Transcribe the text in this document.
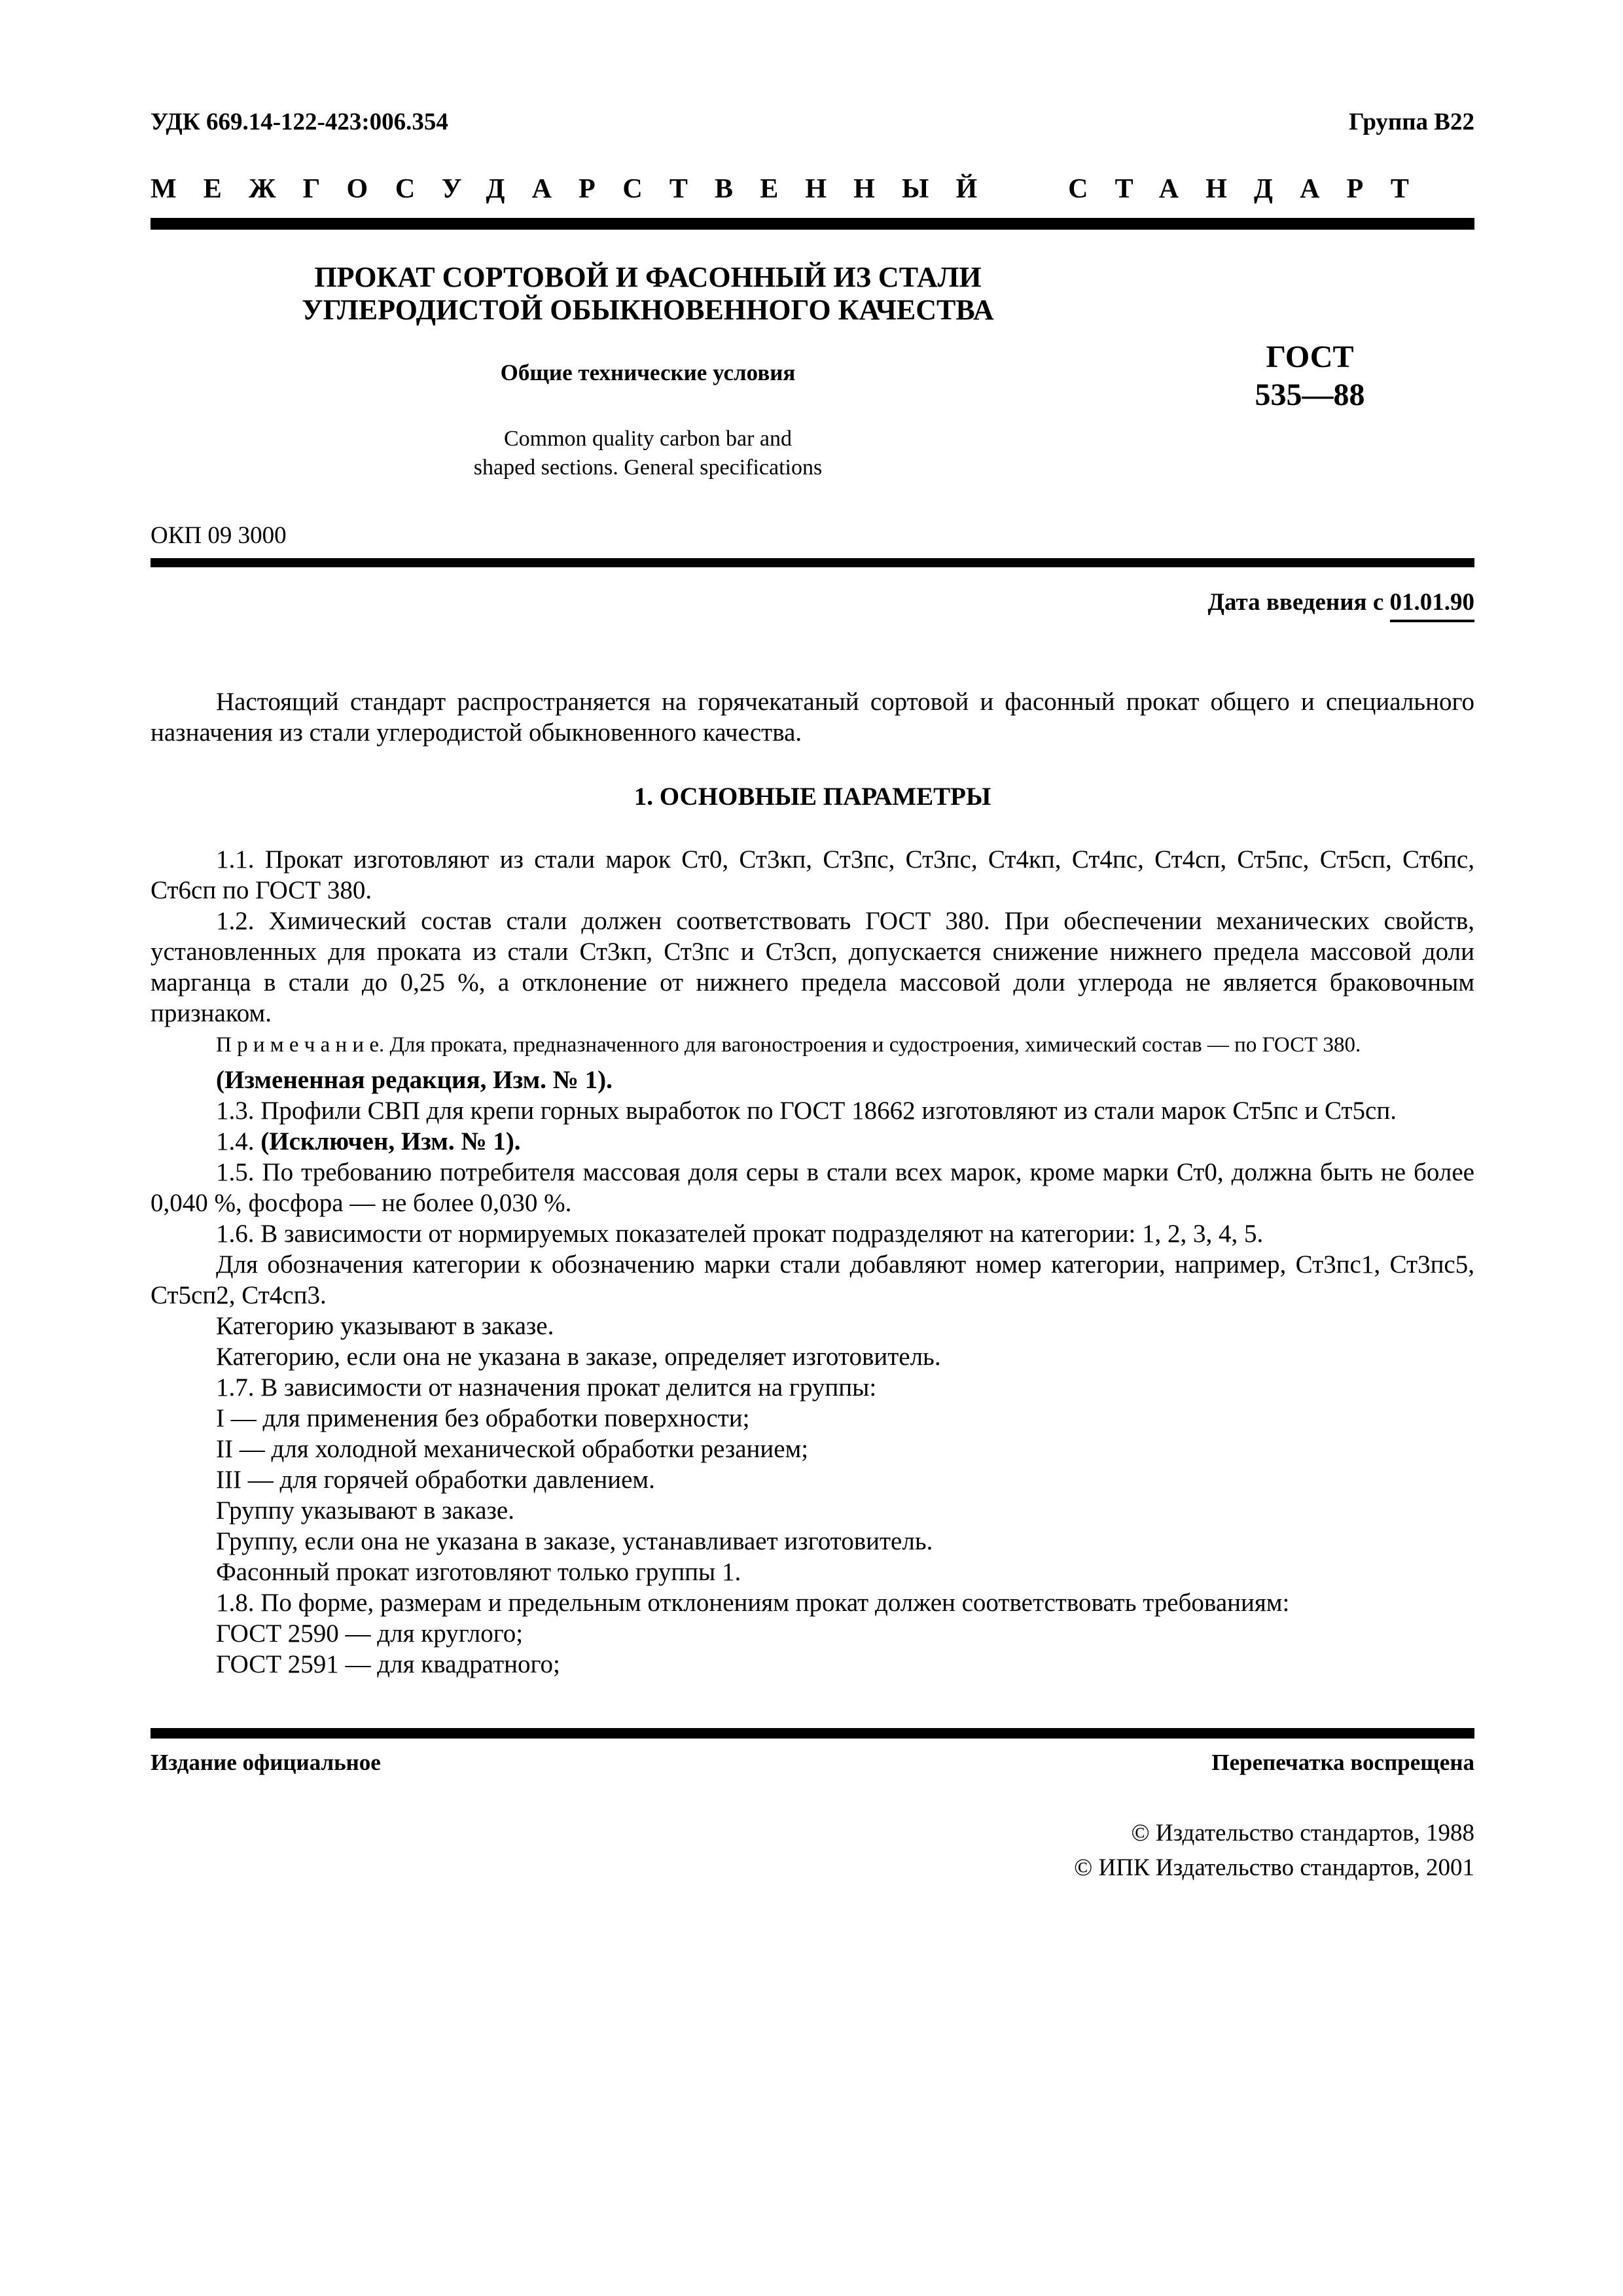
УДК 669.14-122-423:006.354	Группа В22
МЕЖГОСУДАРСТВЕННЫЙ СТАНДАРТ
ПРОКАТ СОРТОВОЙ И ФАСОННЫЙ ИЗ СТАЛИ
УГЛЕРОДИСТОЙ ОБЫКНОВЕННОГО КАЧЕСТВА
Общие технические условия
Common quality carbon bar and
shaped sections. General specifications
ГОСТ
535—88
ОКП 09 3000
Дата введения с 01.01.90

Настоящий стандарт распространяется на горячекатаный сортовой и фасонный прокат общего и специального назначения из стали углеродистой обыкновенного качества.

1. ОСНОВНЫЕ ПАРАМЕТРЫ

1.1. Прокат изготовляют из стали марок Ст0, Ст3кп, Ст3пс, Ст3пс, Ст4кп, Ст4пс, Ст4сп, Ст5пс, Ст5сп, Ст6пс, Ст6сп по ГОСТ 380.

1.2. Химический состав стали должен соответствовать ГОСТ 380. При обеспечении механических свойств, установленных для проката из стали Ст3кп, Ст3пс и Ст3сп, допускается снижение нижнего предела массовой доли марганца в стали до 0,25 %, а отклонение от нижнего предела массовой доли углерода не является браковочным признаком.

П р и м е ч а н и е. Для проката, предназначенного для вагоностроения и судостроения, химический состав — по ГОСТ 380.

(Измененная редакция, Изм. № 1).

1.3. Профили СВП для крепи горных выработок по ГОСТ 18662 изготовляют из стали марок Ст5пс и Ст5сп.

1.4. (Исключен, Изм. № 1).

1.5. По требованию потребителя массовая доля серы в стали всех марок, кроме марки Ст0, должна быть не более 0,040 %, фосфора — не более 0,030 %.

1.6. В зависимости от нормируемых показателей прокат подразделяют на категории: 1, 2, 3, 4, 5.

Для обозначения категории к обозначению марки стали добавляют номер категории, например, Ст3пс1, Ст3пс5, Ст5сп2, Ст4сп3.

Категорию указывают в заказе.

Категорию, если она не указана в заказе, определяет изготовитель.

1.7. В зависимости от назначения прокат делится на группы:

I — для применения без обработки поверхности;

II — для холодной механической обработки резанием;

III — для горячей обработки давлением.

Группу указывают в заказе.

Группу, если она не указана в заказе, устанавливает изготовитель.

Фасонный прокат изготовляют только группы 1.

1.8. По форме, размерам и предельным отклонениям прокат должен соответствовать требованиям:

ГОСТ 2590 — для круглого;

ГОСТ 2591 — для квадратного;

Издание официальное	Перепечатка воспрещена
© Издательство стандартов, 1988
© ИПК Издательство стандартов, 2001
